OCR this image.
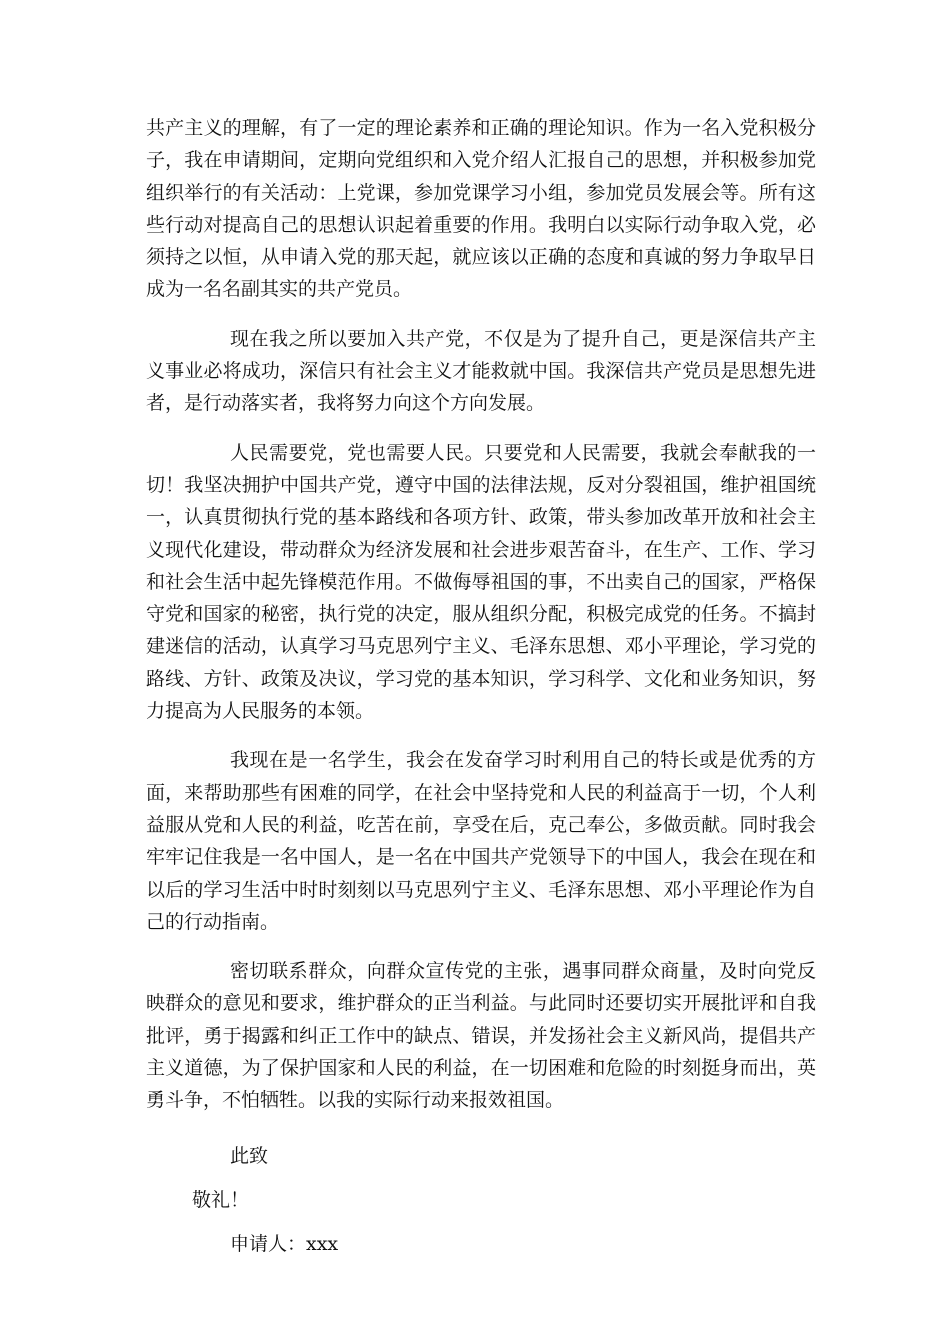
共产主义的理解，有了一定的理论素养和正确的理论知识。作为一名入党积极分子，我在申请期间，定期向党组织和入党介绍人汇报自己的思想，并积极参加党组织举行的有关活动：上党课，参加党课学习小组，参加党员发展会等。所有这些行动对提高自己的思想认识起着重要的作用。我明白以实际行动争取入党，必须持之以恒，从申请入党的那天起，就应该以正确的态度和真诚的努力争取早日成为一名名副其实的共产党员。

现在我之所以要加入共产党，不仅是为了提升自己，更是深信共产主义事业必将成功，深信只有社会主义才能救就中国。我深信共产党员是思想先进者，是行动落实者，我将努力向这个方向发展。

人民需要党，党也需要人民。只要党和人民需要，我就会奉献我的一切！我坚决拥护中国共产党，遵守中国的法律法规，反对分裂祖国，维护祖国统一，认真贯彻执行党的基本路线和各项方针、政策，带头参加改革开放和社会主义现代化建设，带动群众为经济发展和社会进步艰苦奋斗，在生产、工作、学习和社会生活中起先锋模范作用。不做侮辱祖国的事，不出卖自己的国家，严格保守党和国家的秘密，执行党的决定，服从组织分配，积极完成党的任务。不搞封建迷信的活动，认真学习马克思列宁主义、毛泽东思想、邓小平理论，学习党的路线、方针、政策及决议，学习党的基本知识，学习科学、文化和业务知识，努力提高为人民服务的本领。

我现在是一名学生，我会在发奋学习时利用自己的特长或是优秀的方面，来帮助那些有困难的同学，在社会中坚持党和人民的利益高于一切，个人利益服从党和人民的利益，吃苦在前，享受在后，克己奉公，多做贡献。同时我会牢牢记住我是一名中国人，是一名在中国共产党领导下的中国人，我会在现在和以后的学习生活中时时刻刻以马克思列宁主义、毛泽东思想、邓小平理论作为自己的行动指南。

密切联系群众，向群众宣传党的主张，遇事同群众商量，及时向党反映群众的意见和要求，维护群众的正当利益。与此同时还要切实开展批评和自我批评，勇于揭露和纠正工作中的缺点、错误，并发扬社会主义新风尚，提倡共产主义道德，为了保护国家和人民的利益，在一切困难和危险的时刻挺身而出，英勇斗争，不怕牺牲。以我的实际行动来报效祖国。

此致
敬礼！
申请人：xxx
